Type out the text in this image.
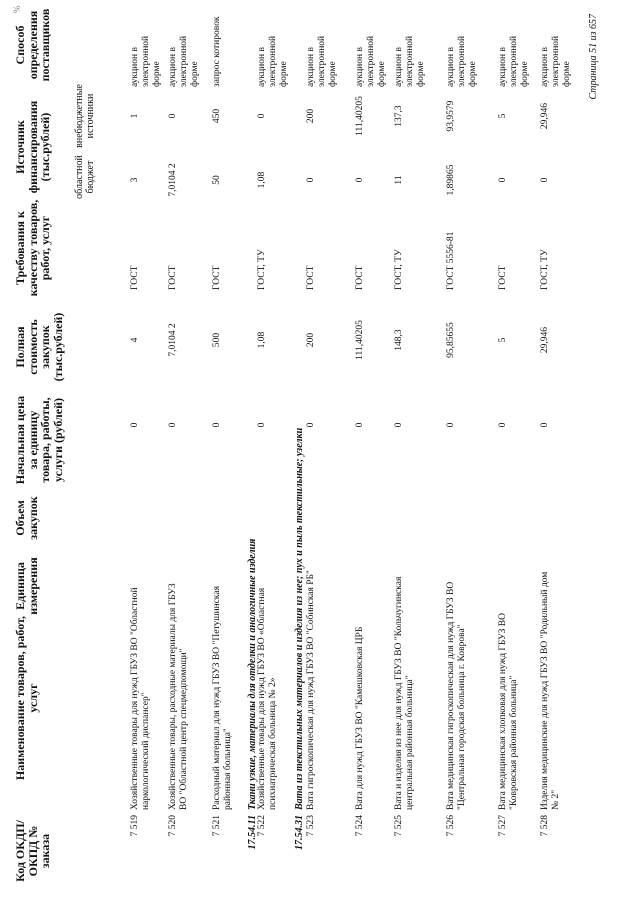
%
Код ОКДП/ ОКПД № заказа
Наименование товаров, работ, услуг
Единица измерения
Объем закупок
Начальная цена за единицу товара, работы, услуги (рублей)
Полная стоимость закупок (тыс.рублей)
Требования к качеству товаров, работ, услуг
Источник финансирования (тыс.рублей) областной бюджет
внебюджетные источники
Способ определения поставщиков
7 519
Хозяйственные товары для нужд ГБУЗ ВО "Областной наркологический диспансер"
0
4
3
1
ГОСТ
аукцион в электронной форме
7 520
Хозяйственные товары, расходные материалы для ГБУЗ ВО "Областной центр спецмедпомощи"
0
7,0104 2
7,0104 2
0
ГОСТ
аукцион в электронной форме
7 521
Расходный материал для нужд ГБУЗ ВО "Петушинская районная больница"
0
500
50
450
ГОСТ
запрос котировок
17.54.11
Ткани узкие, материалы для отделки и аналогичные изделия
7 522
Хозяйственные товары для нужд ГБУЗ ВО «Областная психиатрическая больница № 2»
0
1,08
1,08
0
ГОСТ, ТУ
аукцион в электронной форме
17.54.31
Вата из текстильных материалов и изделия из нее; пух и пыль текстильные; узелки
7 523
Вата гигроскопическая для нужд ГБУЗ ВО "Собинская РБ"
0
200
0
200
ГОСТ
аукцион в электронной форме
7 524
Вата для нужд ГБУЗ ВО "Камешковская ЦРБ
0
111,40205
0
111,40205
ГОСТ
аукцион в электронной форме
7 525
Вата и изделия из нее для нужд ГБУЗ ВО "Кольчугинская центральная районная больница"
0
148,3
11
137,3
ГОСТ, ТУ
аукцион в электронной форме
7 526
Вата медицинская гигроскопическая для нужд ГБУЗ ВО "Центральная городская больница г. Коврова"
0
95,85655
1,89865
93,9579
ГОСТ 5556-81
аукцион в электронной форме
7 527
Вата медицинская хлопковая для нужд ГБУЗ ВО "Ковровская районная больница"
0
5
0
5
ГОСТ
аукцион в электронной форме
7 528
Изделия медицинские для нужд ГБУЗ ВО "Родильный дом № 2"
0
29,946
0
29,946
ГОСТ, ТУ
аукцион в электронной форме Страница 51 из 657
